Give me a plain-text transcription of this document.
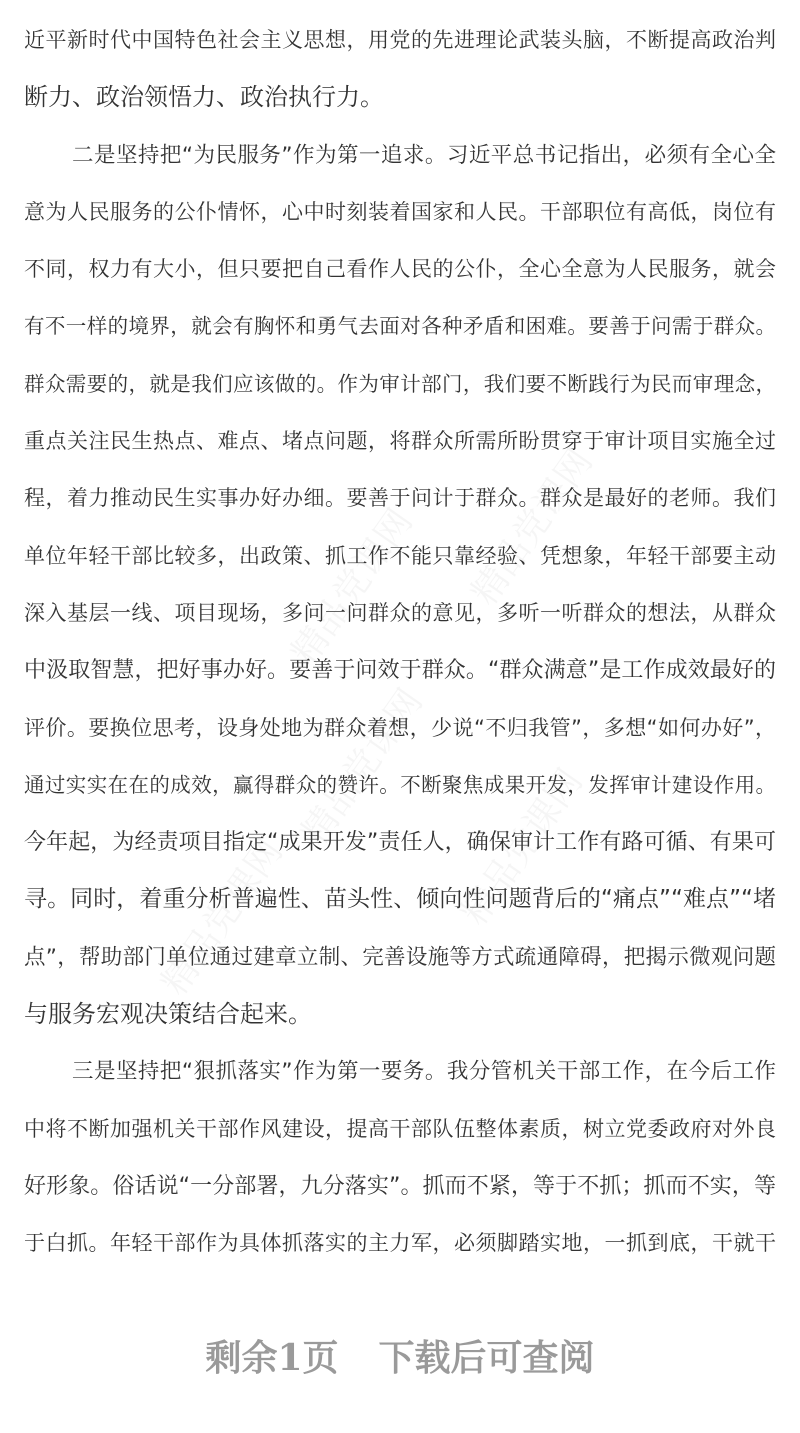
近平新时代中国特色社会主义思想，用党的先进理论武装头脑，不断提高政治判
断力、政治领悟力、政治执行力。
二是坚持把“为民服务”作为第一追求。习近平总书记指出，必须有全心全
意为人民服务的公仆情怀，心中时刻装着国家和人民。干部职位有高低，岗位有
不同，权力有大小，但只要把自己看作人民的公仆，全心全意为人民服务，就会
有不一样的境界，就会有胸怀和勇气去面对各种矛盾和困难。要善于问需于群众。
群众需要的，就是我们应该做的。作为审计部门，我们要不断践行为民而审理念，
重点关注民生热点、难点、堵点问题，将群众所需所盼贯穿于审计项目实施全过
程，着力推动民生实事办好办细。要善于问计于群众。群众是最好的老师。我们
单位年轻干部比较多，出政策、抓工作不能只靠经验、凭想象，年轻干部要主动
深入基层一线、项目现场，多问一问群众的意见，多听一听群众的想法，从群众
中汲取智慧，把好事办好。要善于问效于群众。“群众满意”是工作成效最好的
评价。要换位思考，设身处地为群众着想，少说“不归我管”，多想“如何办好”，
通过实实在在的成效，赢得群众的赞许。不断聚焦成果开发，发挥审计建设作用。
今年起，为经责项目指定“成果开发”责任人，确保审计工作有路可循、有果可
寻。同时，着重分析普遍性、苗头性、倾向性问题背后的“痛点”“难点”“堵
点”，帮助部门单位通过建章立制、完善设施等方式疏通障碍，把揭示微观问题
与服务宏观决策结合起来。
三是坚持把“狠抓落实”作为第一要务。我分管机关干部工作，在今后工作
中将不断加强机关干部作风建设，提高干部队伍整体素质，树立党委政府对外良
好形象。俗话说“一分部署，九分落实”。抓而不紧，等于不抓；抓而不实，等
于白抓。年轻干部作为具体抓落实的主力军，必须脚踏实地，一抓到底，干就干
剩余1页 下载后可查阅
